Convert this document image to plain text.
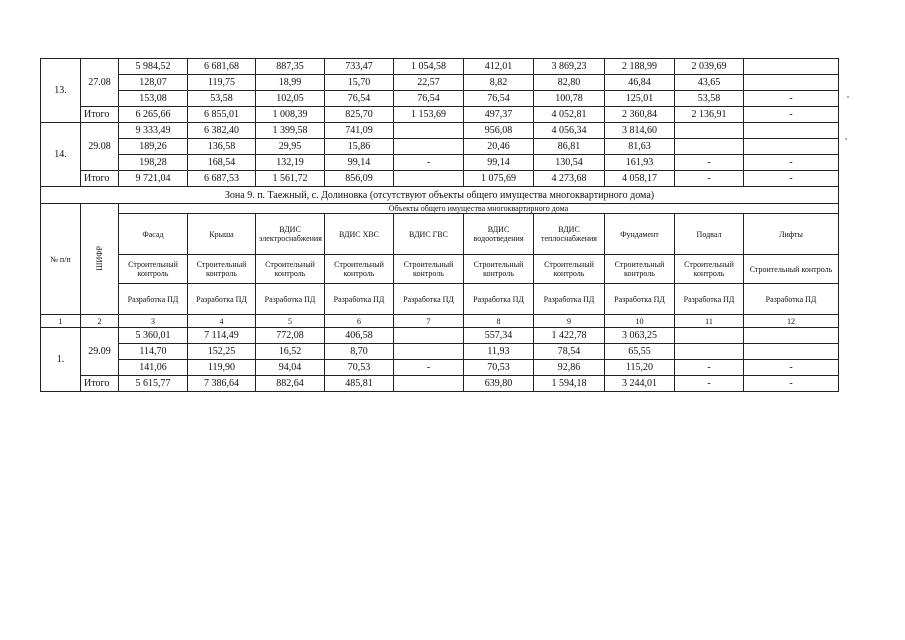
13.	27.08	5 984,52	6 681,68	887,35	733,47	1 054,58	412,01	3 869,23	2 188,99	2 039,69	
		128,07	119,75	18,99	15,70	22,57	8,82	82,80	46,84	43,65	
		153,08	53,58	102,05	76,54	76,54	76,54	100,78	125,01	53,58	-
	Итого	6 265,66	6 855,01	1 008,39	825,70	1 153,69	497,37	4 052,81	2 360,84	2 136,91	-
14.	29.08	9 333,49	6 382,40	1 399,58	741,09		956,08	4 056,34	3 814,60		
		189,26	136,58	29,95	15,86		20,46	86,81	81,63		
		198,28	168,54	132,19	99,14	-	99,14	130,54	161,93	-	-
	Итого	9 721,04	6 687,53	1 561,72	856,09		1 075,69	4 273,68	4 058,17	-	-
Зона 9. п. Таежный, с. Долиновка (отсутствуют объекты общего имущества многоквартирного дома)											
№ п/п	ШИФР	Объекты общего имущества многоквартирного дома									
		Фасад	Крыша	ВДИС электроснабжения	ВДИС ХВС	ВДИС ГВС	ВДИС водоотведения	ВДИС теплоснабжения	Фундамент	Подвал	Лифты
		Строительный контроль	Строительный контроль	Строительный контроль	Строительный контроль	Строительный контроль	Строительный контроль	Строительный контроль	Строительный контроль	Строительный контроль	Строительный контроль
		Разработка ПД	Разработка ПД	Разработка ПД	Разработка ПД	Разработка ПД	Разработка ПД	Разработка ПД	Разработка ПД	Разработка ПД	Разработка ПД
1	2	3	4	5	6	7	8	9	10	11	12
1.	29.09	5 360,01	7 114,49	772,08	406,58		557,34	1 422,78	3 063,25		
		114,70	152,25	16,52	8,70		11,93	78,54	65,55		
		141,06	119,90	94,04	70,53	-	70,53	92,86	115,20	-	-
	Итого	5 615,77	7 386,64	882,64	485,81		639,80	1 594,18	3 244,01	-	-
